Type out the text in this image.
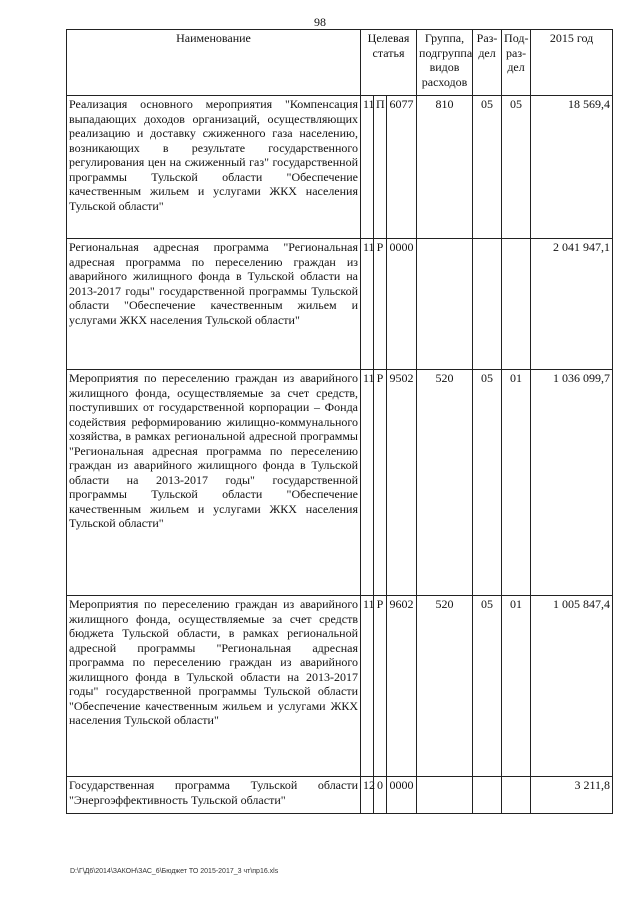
98
Наименование	Целевая статья			Группа, подгруппа видов расходов	Раз-дел	Под-раз-дел	2015 год
Реализация основного мероприятия "Компенсация выпадающих доходов организаций, осуществляющих реализацию и доставку сжиженного газа населению, возникающих в результате государственного регулирования цен на сжиженный газ" государственной программы Тульской области "Обеспечение качественным жильем и услугами ЖКХ населения Тульской области"	11	П	6077	810	05	05	18 569,4
Региональная адресная программа "Региональная адресная программа по переселению граждан из аварийного жилищного фонда в Тульской области на 2013-2017 годы" государственной программы Тульской области "Обеспечение качественным жильем и услугами ЖКХ населения Тульской области"	11	Р	0000				2 041 947,1
Мероприятия по переселению граждан из аварийного жилищного фонда, осуществляемые за счет средств, поступивших от государственной корпорации – Фонда содействия реформированию жилищно-коммунального хозяйства, в рамках региональной адресной программы "Региональная адресная программа по переселению граждан из аварийного жилищного фонда в Тульской области на 2013-2017 годы" государственной программы Тульской области "Обеспечение качественным жильем и услугами ЖКХ населения Тульской области"	11	Р	9502	520	05	01	1 036 099,7
Мероприятия по переселению граждан из аварийного жилищного фонда, осуществляемые за счет средств бюджета Тульской области, в рамках региональной адресной программы "Региональная адресная программа по переселению граждан из аварийного жилищного фонда в Тульской области на 2013-2017 годы" государственной программы Тульской области "Обеспечение качественным жильем и услугами ЖКХ населения Тульской области"	11	Р	9602	520	05	01	1 005 847,4
Государственная программа Тульской области "Энергоэффективность Тульской области"	12	0	0000				3 211,8
D:\Г\Д6\2014\ЗАКОН\ЗАС_6\Бюджет ТО 2015-2017_3 чт\пр16.xls
